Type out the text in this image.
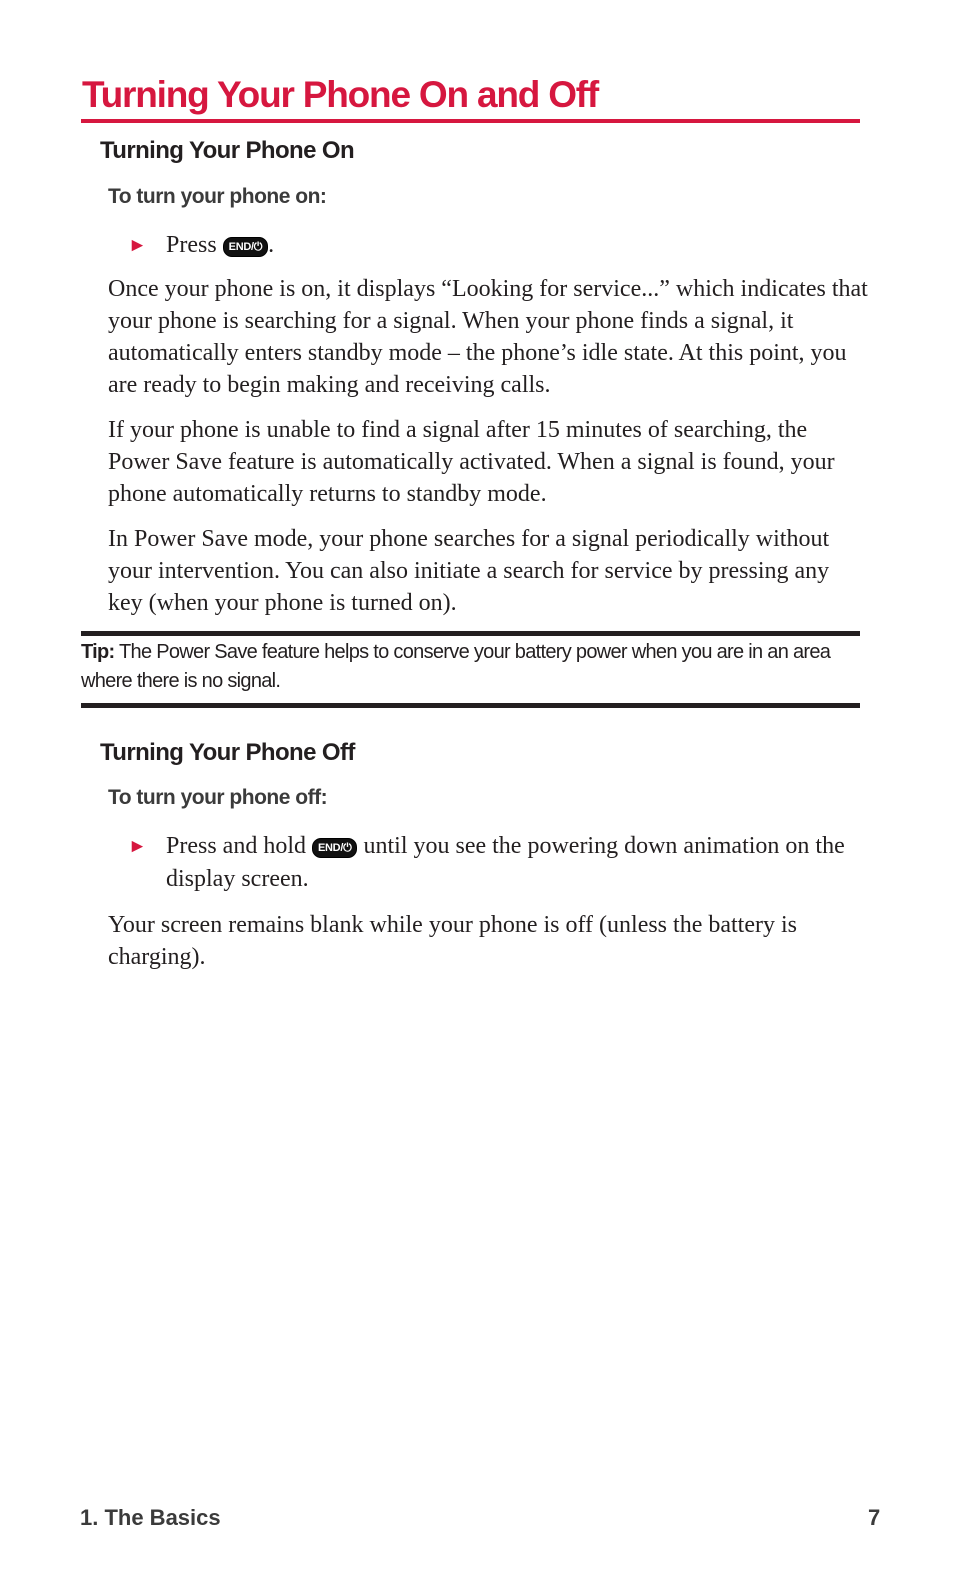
Turning Your Phone On and Off
Turning Your Phone On
To turn your phone on:
► Press END/⏻ .

Once your phone is on, it displays “Looking for service...” which indicates that your phone is searching for a signal. When your phone finds a signal, it automatically enters standby mode – the phone’s idle state. At this point, you are ready to begin making and receiving calls.

If your phone is unable to find a signal after 15 minutes of searching, the Power Save feature is automatically activated. When a signal is found, your phone automatically returns to standby mode.

In Power Save mode, your phone searches for a signal periodically without your intervention. You can also initiate a search for service by pressing any key (when your phone is turned on).

Tip: The Power Save feature helps to conserve your battery power when you are in an area where there is no signal.
Turning Your Phone Off
To turn your phone off:
► Press and hold END/⏻ until you see the powering down animation on the display screen.

Your screen remains blank while your phone is off (unless the battery is charging).

1. The Basics	7
